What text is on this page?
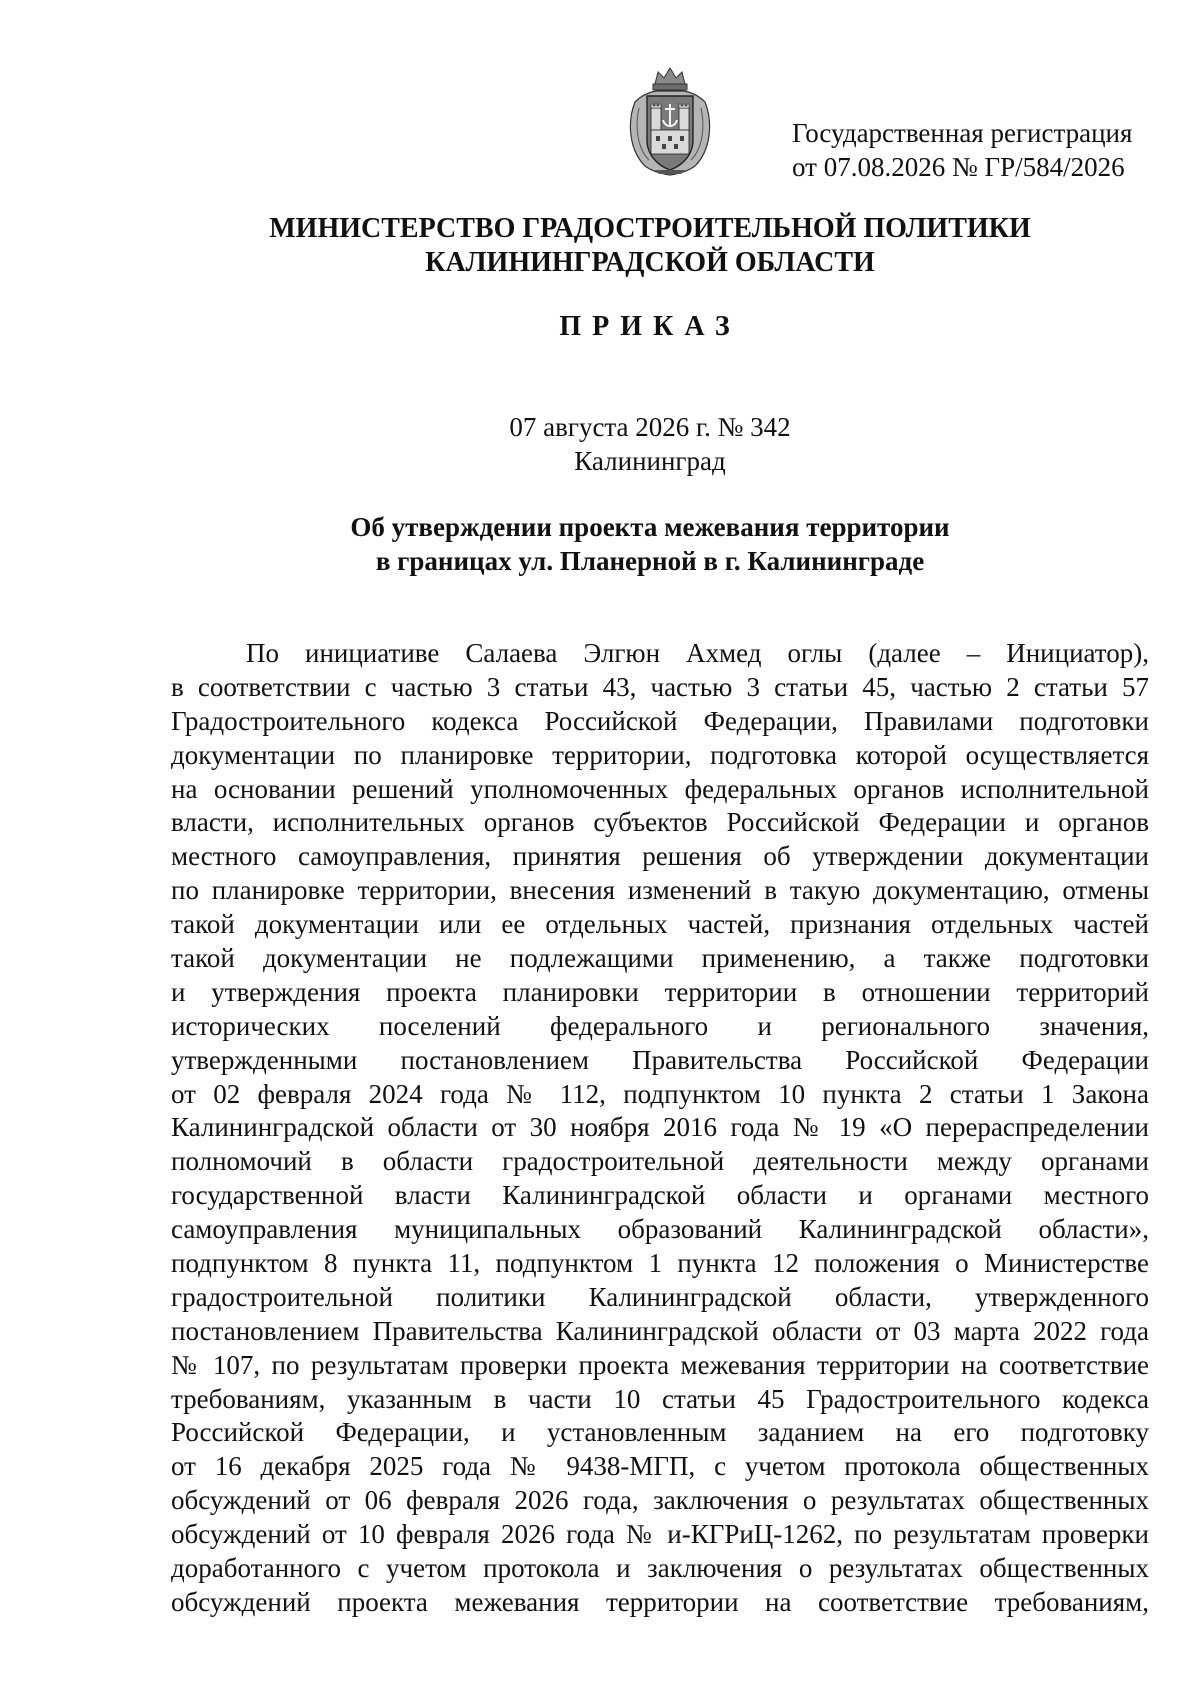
Государственная регистрация
от 07.08.2026 № ГР/584/2026
МИНИСТЕРСТВО ГРАДОСТРОИТЕЛЬНОЙ ПОЛИТИКИ
КАЛИНИНГРАДСКОЙ ОБЛАСТИ
ПРИКАЗ
07 августа 2026 г. № 342
Калининград
Об утверждении проекта межевания территории
в границах ул. Планерной в г. Калининграде
По инициативе Салаева Элгюн Ахмед оглы (далее – Инициатор),
в соответствии с частью 3 статьи 43, частью 3 статьи 45, частью 2 статьи 57
Градостроительного кодекса Российской Федерации, Правилами подготовки
документации по планировке территории, подготовка которой осуществляется
на основании решений уполномоченных федеральных органов исполнительной
власти, исполнительных органов субъектов Российской Федерации и органов
местного самоуправления, принятия решения об утверждении документации
по планировке территории, внесения изменений в такую документацию, отмены
такой документации или ее отдельных частей, признания отдельных частей
такой документации не подлежащими применению, а также подготовки
и утверждения проекта планировки территории в отношении территорий
исторических поселений федерального и регионального значения,
утвержденными постановлением Правительства Российской Федерации
от 02 февраля 2024 года № 112, подпунктом 10 пункта 2 статьи 1 Закона
Калининградской области от 30 ноября 2016 года № 19 «О перераспределении
полномочий в области градостроительной деятельности между органами
государственной власти Калининградской области и органами местного
самоуправления муниципальных образований Калининградской области»,
подпунктом 8 пункта 11, подпунктом 1 пункта 12 положения о Министерстве
градостроительной политики Калининградской области, утвержденного
постановлением Правительства Калининградской области от 03 марта 2022 года
№ 107, по результатам проверки проекта межевания территории на соответствие
требованиям, указанным в части 10 статьи 45 Градостроительного кодекса
Российской Федерации, и установленным заданием на его подготовку
от 16 декабря 2025 года № 9438-МГП, с учетом протокола общественных
обсуждений от 06 февраля 2026 года, заключения о результатах общественных
обсуждений от 10 февраля 2026 года № и-КГРиЦ-1262, по результатам проверки
доработанного с учетом протокола и заключения о результатах общественных
обсуждений проекта межевания территории на соответствие требованиям,
